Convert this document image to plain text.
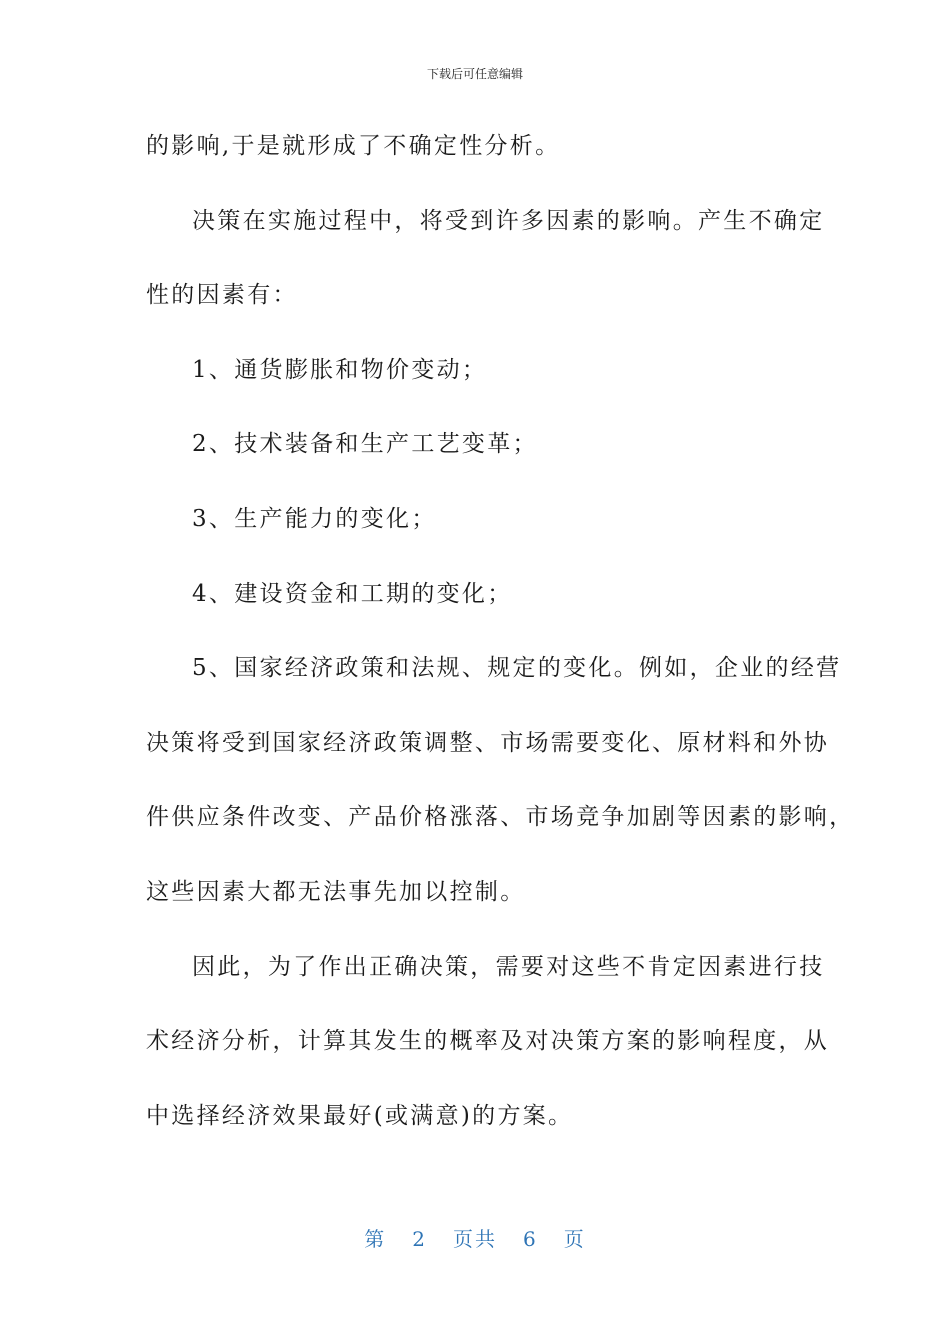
下载后可任意编辑
的影响,于是就形成了不确定性分析。
决策在实施过程中，将受到许多因素的影响。产生不确定
性的因素有：
1、通货膨胀和物价变动；
2、技术装备和生产工艺变革；
3、生产能力的变化；
4、建设资金和工期的变化；
5、国家经济政策和法规、规定的变化。例如，企业的经营
决策将受到国家经济政策调整、市场需要变化、原材料和外协
件供应条件改变、产品价格涨落、市场竞争加剧等因素的影响，
这些因素大都无法事先加以控制。
因此，为了作出正确决策，需要对这些不肯定因素进行技
术经济分析，计算其发生的概率及对决策方案的影响程度，从
中选择经济效果最好(或满意)的方案。
第 2 页共 6 页
